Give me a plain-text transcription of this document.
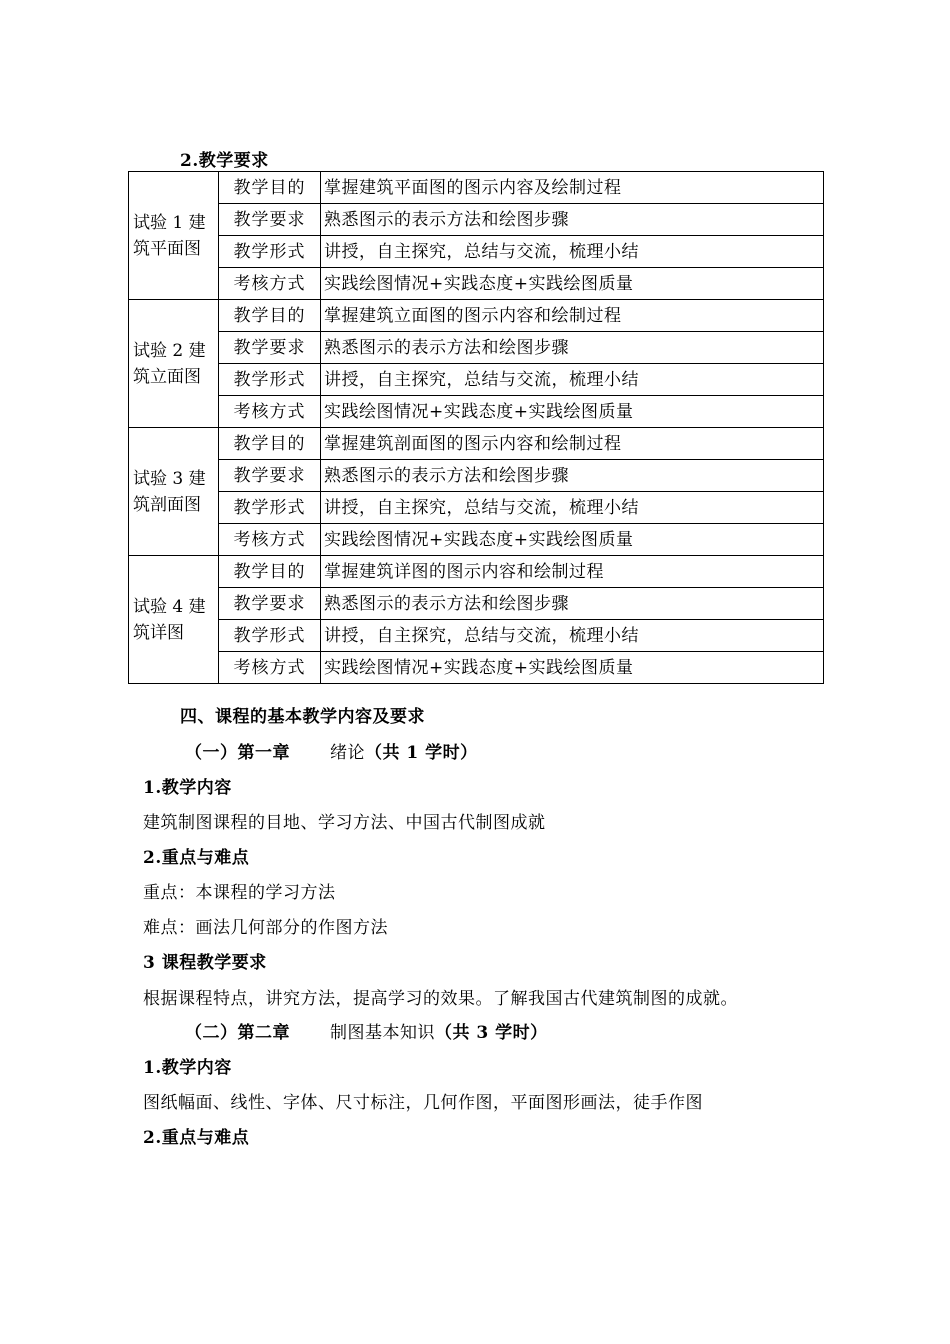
2.教学要求
试验 1 建
筑平面图	教学目的	掌握建筑平面图的图示内容及绘制过程
	教学要求	熟悉图示的表示方法和绘图步骤
	教学形式	讲授，自主探究，总结与交流，梳理小结
	考核方式	实践绘图情况+实践态度+实践绘图质量

试验 2 建
筑立面图	教学目的	掌握建筑立面图的图示内容和绘制过程
	教学要求	熟悉图示的表示方法和绘图步骤
	教学形式	讲授，自主探究，总结与交流，梳理小结
	考核方式	实践绘图情况+实践态度+实践绘图质量

试验 3 建
筑剖面图	教学目的	掌握建筑剖面图的图示内容和绘制过程
	教学要求	熟悉图示的表示方法和绘图步骤
	教学形式	讲授，自主探究，总结与交流，梳理小结
	考核方式	实践绘图情况+实践态度+实践绘图质量

试验 4 建
筑详图	教学目的	掌握建筑详图的图示内容和绘制过程
	教学要求	熟悉图示的表示方法和绘图步骤
	教学形式	讲授，自主探究，总结与交流，梳理小结
	考核方式	实践绘图情况+实践态度+实践绘图质量
四、课程的基本教学内容及要求
（一）第一章 绪论（共 1 学时）
1.教学内容
建筑制图课程的目地、学习方法、中国古代制图成就
2.重点与难点
重点：本课程的学习方法
难点：画法几何部分的作图方法
3 课程教学要求
根据课程特点，讲究方法，提高学习的效果。了解我国古代建筑制图的成就。
（二）第二章 制图基本知识（共 3 学时）
1.教学内容
图纸幅面、线性、字体、尺寸标注，几何作图，平面图形画法，徒手作图
2.重点与难点
